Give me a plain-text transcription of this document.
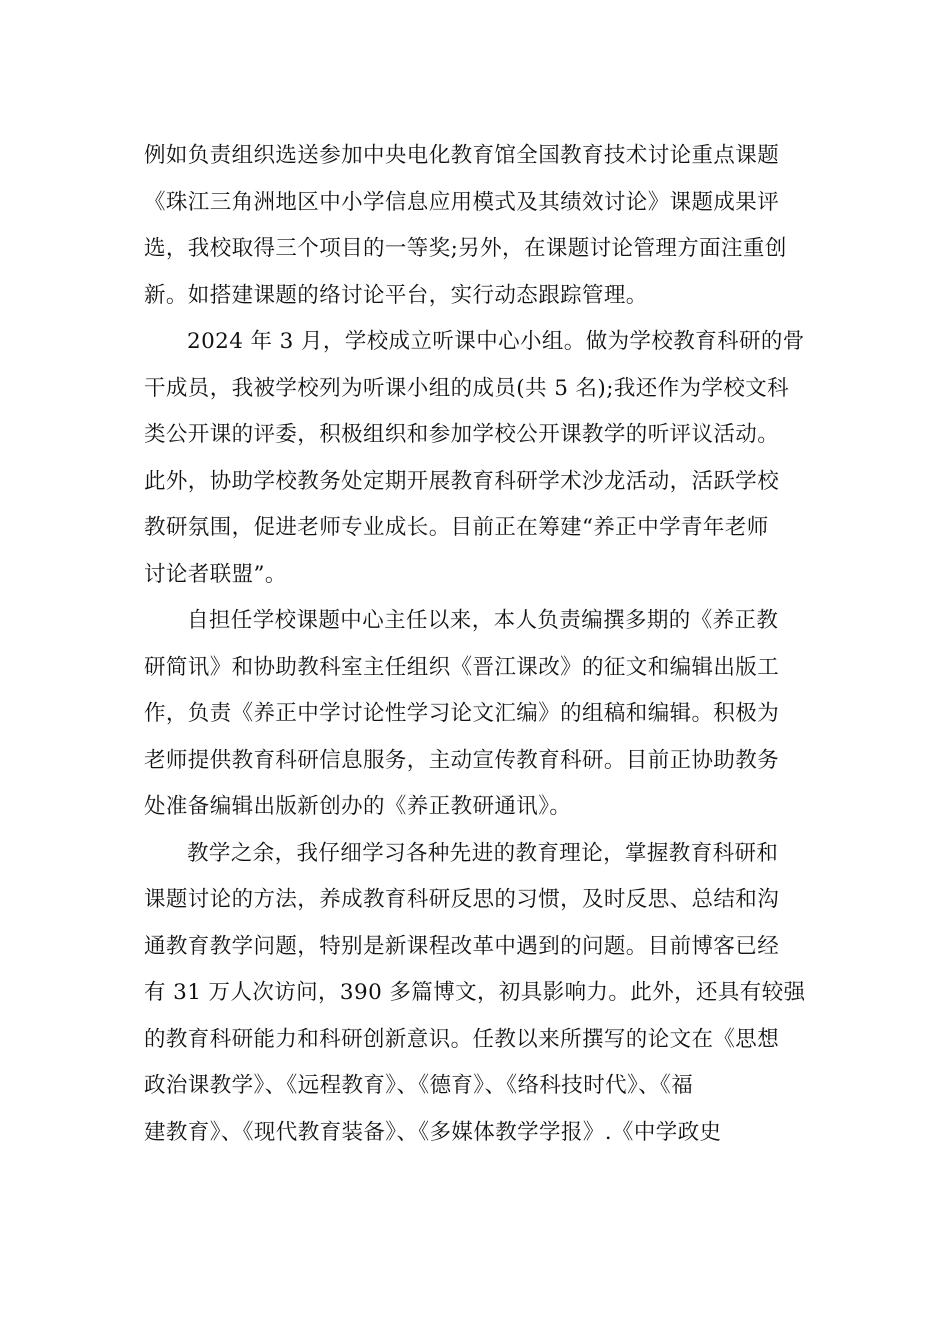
例如负责组织选送参加中央电化教育馆全国教育技术讨论重点课题
《珠江三角洲地区中小学信息应用模式及其绩效讨论》课题成果评
选，我校取得三个项目的一等奖;另外，在课题讨论管理方面注重创
新。如搭建课题的络讨论平台，实行动态跟踪管理。
2024 年 3 月，学校成立听课中心小组。做为学校教育科研的骨
干成员，我被学校列为听课小组的成员(共 5 名);我还作为学校文科
类公开课的评委，积极组织和参加学校公开课教学的听评议活动。
此外，协助学校教务处定期开展教育科研学术沙龙活动，活跃学校
教研氛围，促进老师专业成长。目前正在筹建“养正中学青年老师
讨论者联盟”。
自担任学校课题中心主任以来，本人负责编撰多期的《养正教
研简讯》和协助教科室主任组织《晋江课改》的征文和编辑出版工
作，负责《养正中学讨论性学习论文汇编》的组稿和编辑。积极为
老师提供教育科研信息服务，主动宣传教育科研。目前正协助教务
处准备编辑出版新创办的《养正教研通讯》。
教学之余，我仔细学习各种先进的教育理论，掌握教育科研和
课题讨论的方法，养成教育科研反思的习惯，及时反思、总结和沟
通教育教学问题，特别是新课程改革中遇到的问题。目前博客已经
有 31 万人次访问，390 多篇博文，初具影响力。此外，还具有较强
的教育科研能力和科研创新意识。任教以来所撰写的论文在《思想
政治课教学》、《远程教育》、《德育》、《络科技时代》、《福
建教育》、《现代教育装备》、《多媒体教学学报》.《中学政史
